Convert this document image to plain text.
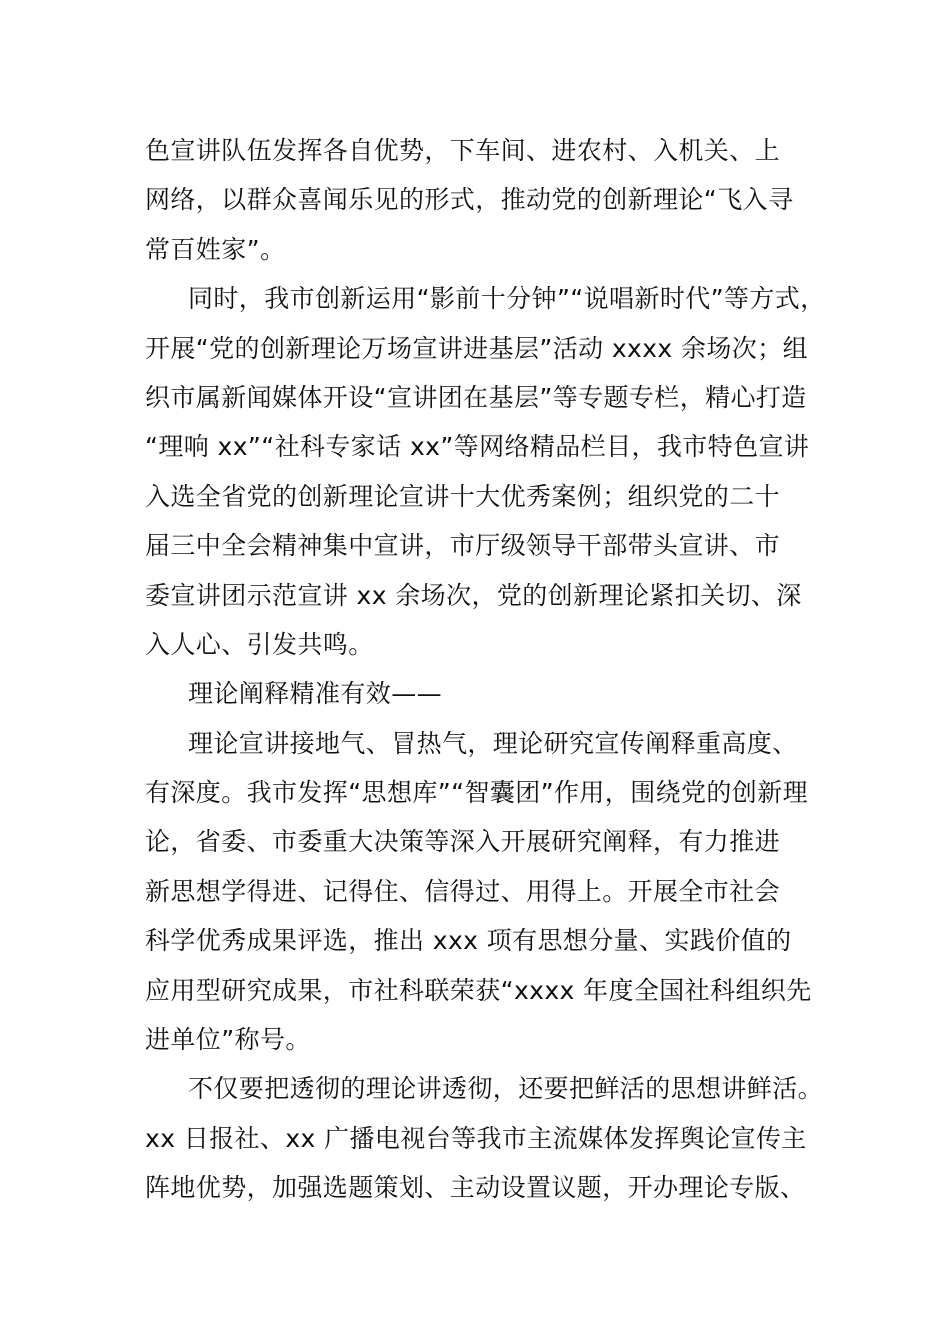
色宣讲队伍发挥各自优势，下车间、进农村、入机关、上
网络，以群众喜闻乐见的形式，推动党的创新理论“飞入寻
常百姓家”。
同时，我市创新运用“影前十分钟”“说唱新时代”等方式，
开展“党的创新理论万场宣讲进基层”活动 xxxx 余场次；组
织市属新闻媒体开设“宣讲团在基层”等专题专栏，精心打造
“理响 xx”“社科专家话 xx”等网络精品栏目，我市特色宣讲
入选全省党的创新理论宣讲十大优秀案例；组织党的二十
届三中全会精神集中宣讲，市厅级领导干部带头宣讲、市
委宣讲团示范宣讲 xx 余场次，党的创新理论紧扣关切、深
入人心、引发共鸣。
理论阐释精准有效——
理论宣讲接地气、冒热气，理论研究宣传阐释重高度、
有深度。我市发挥“思想库”“智囊团”作用，围绕党的创新理
论，省委、市委重大决策等深入开展研究阐释，有力推进
新思想学得进、记得住、信得过、用得上。开展全市社会
科学优秀成果评选，推出 xxx 项有思想分量、实践价值的
应用型研究成果，市社科联荣获“xxxx 年度全国社科组织先
进单位”称号。
不仅要把透彻的理论讲透彻，还要把鲜活的思想讲鲜活。
xx 日报社、xx 广播电视台等我市主流媒体发挥舆论宣传主
阵地优势，加强选题策划、主动设置议题，开办理论专版、
